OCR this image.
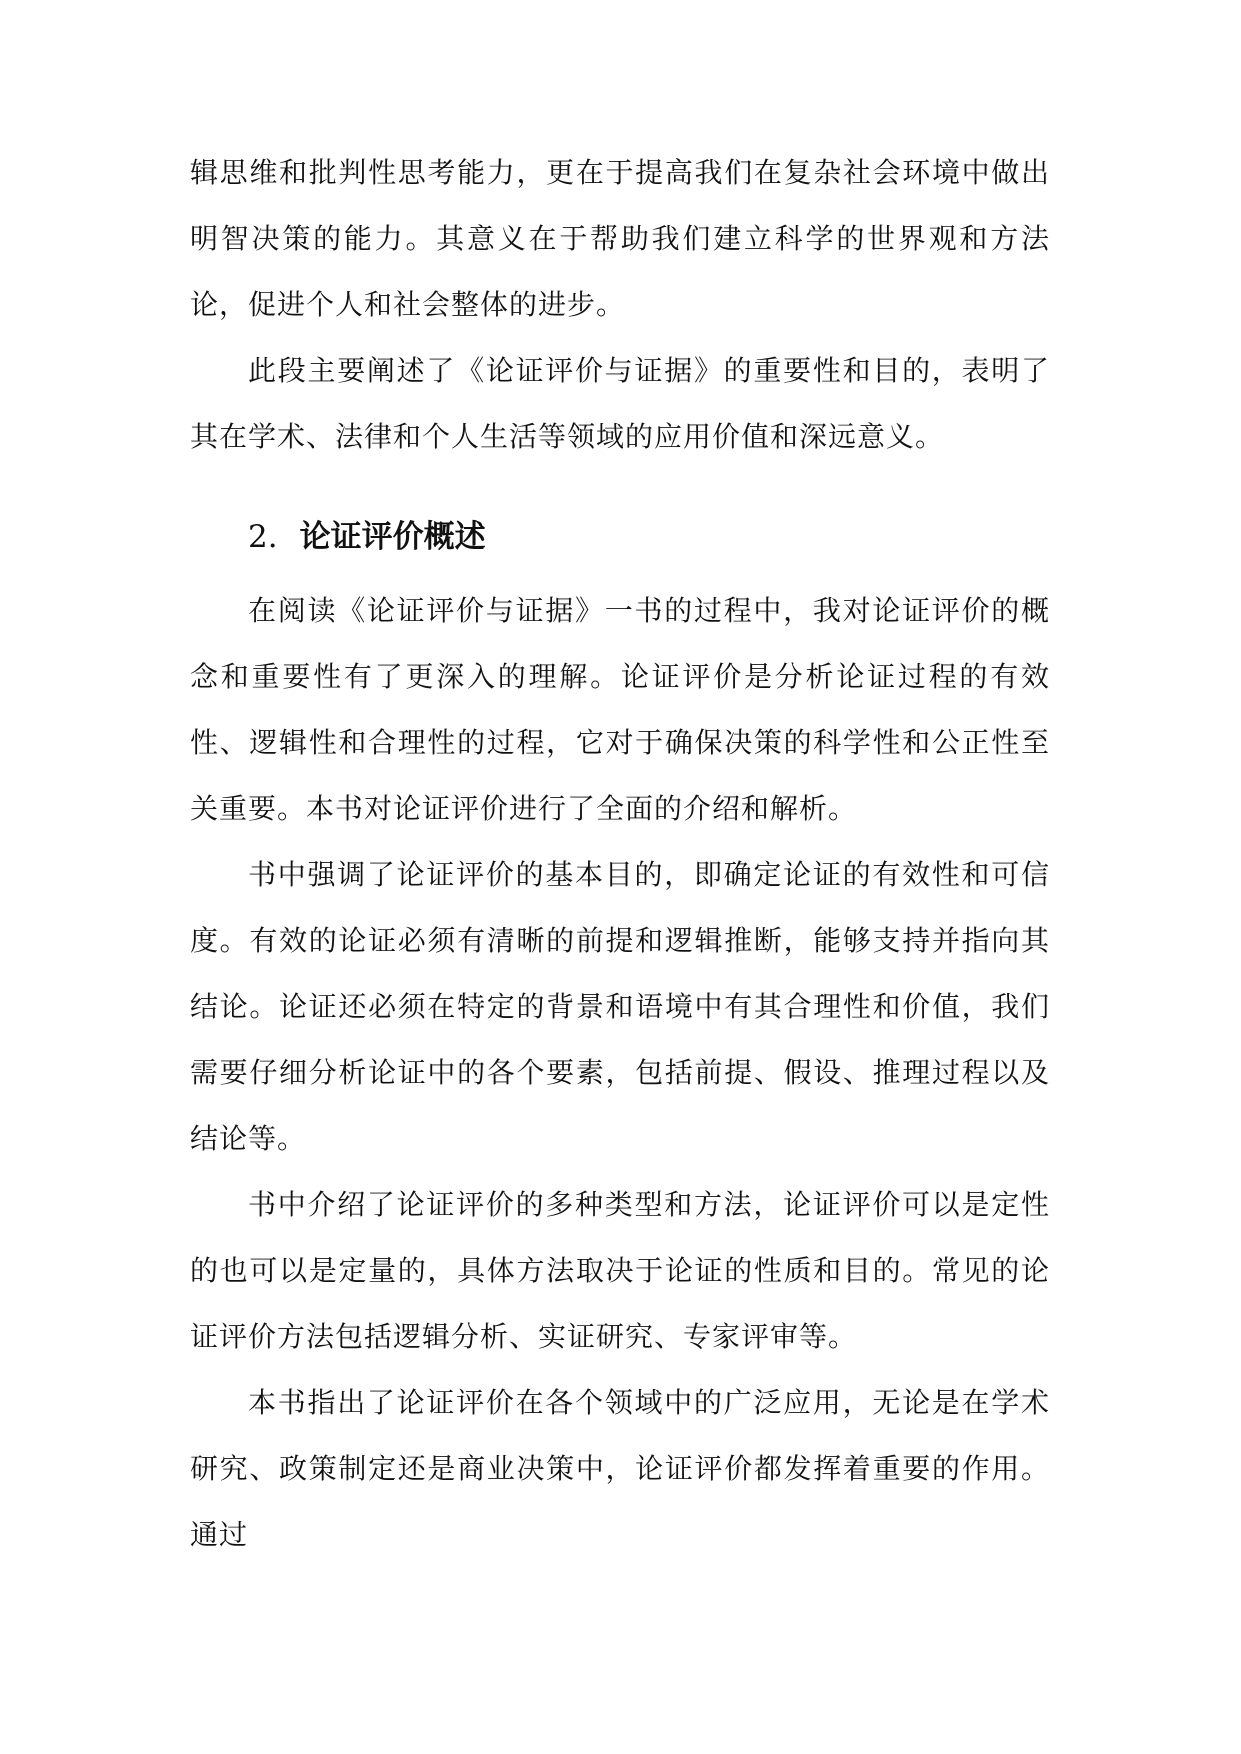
辑思维和批判性思考能力，更在于提高我们在复杂社会环境中做出明智决策的能力。其意义在于帮助我们建立科学的世界观和方法论，促进个人和社会整体的进步。

此段主要阐述了《论证评价与证据》的重要性和目的，表明了其在学术、法律和个人生活等领域的应用价值和深远意义。

2. 论证评价概述

在阅读《论证评价与证据》一书的过程中，我对论证评价的概念和重要性有了更深入的理解。论证评价是分析论证过程的有效性、逻辑性和合理性的过程，它对于确保决策的科学性和公正性至关重要。本书对论证评价进行了全面的介绍和解析。

书中强调了论证评价的基本目的，即确定论证的有效性和可信度。有效的论证必须有清晰的前提和逻辑推断，能够支持并指向其结论。论证还必须在特定的背景和语境中有其合理性和价值，我们需要仔细分析论证中的各个要素，包括前提、假设、推理过程以及结论等。

书中介绍了论证评价的多种类型和方法，论证评价可以是定性的也可以是定量的，具体方法取决于论证的性质和目的。常见的论证评价方法包括逻辑分析、实证研究、专家评审等。

本书指出了论证评价在各个领域中的广泛应用，无论是在学术研究、政策制定还是商业决策中，论证评价都发挥着重要的作用。通过
